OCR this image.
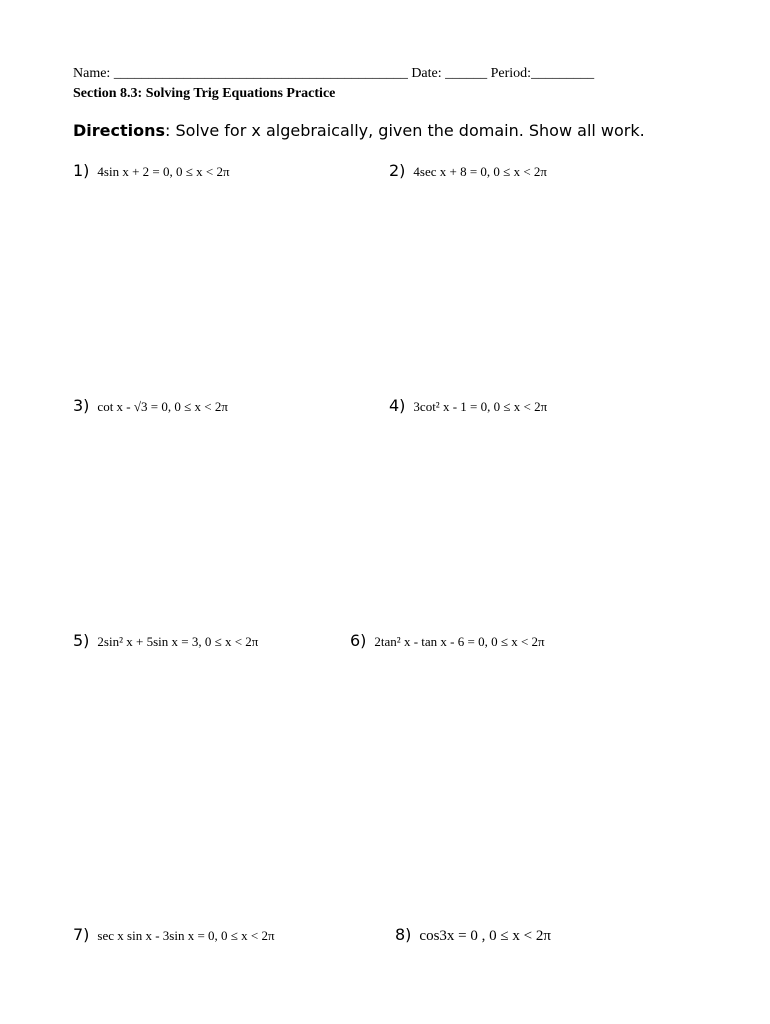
Name: __________________________________________ Date: ______ Period:_________
Section 8.3: Solving Trig Equations Practice
Directions: Solve for x algebraically, given the domain. Show all work.
1) 4sin x + 2 = 0, 0 ≤ x < 2π	2) 4sec x + 8 = 0, 0 ≤ x < 2π
3) cot x - √3 = 0, 0 ≤ x < 2π	4) 3cot² x - 1 = 0, 0 ≤ x < 2π
5) 2sin² x + 5sin x = 3, 0 ≤ x < 2π	6) 2tan² x - tan x - 6 = 0, 0 ≤ x < 2π
7) sec x sin x - 3sin x = 0, 0 ≤ x < 2π	8) cos3x = 0 , 0 ≤ x < 2π
